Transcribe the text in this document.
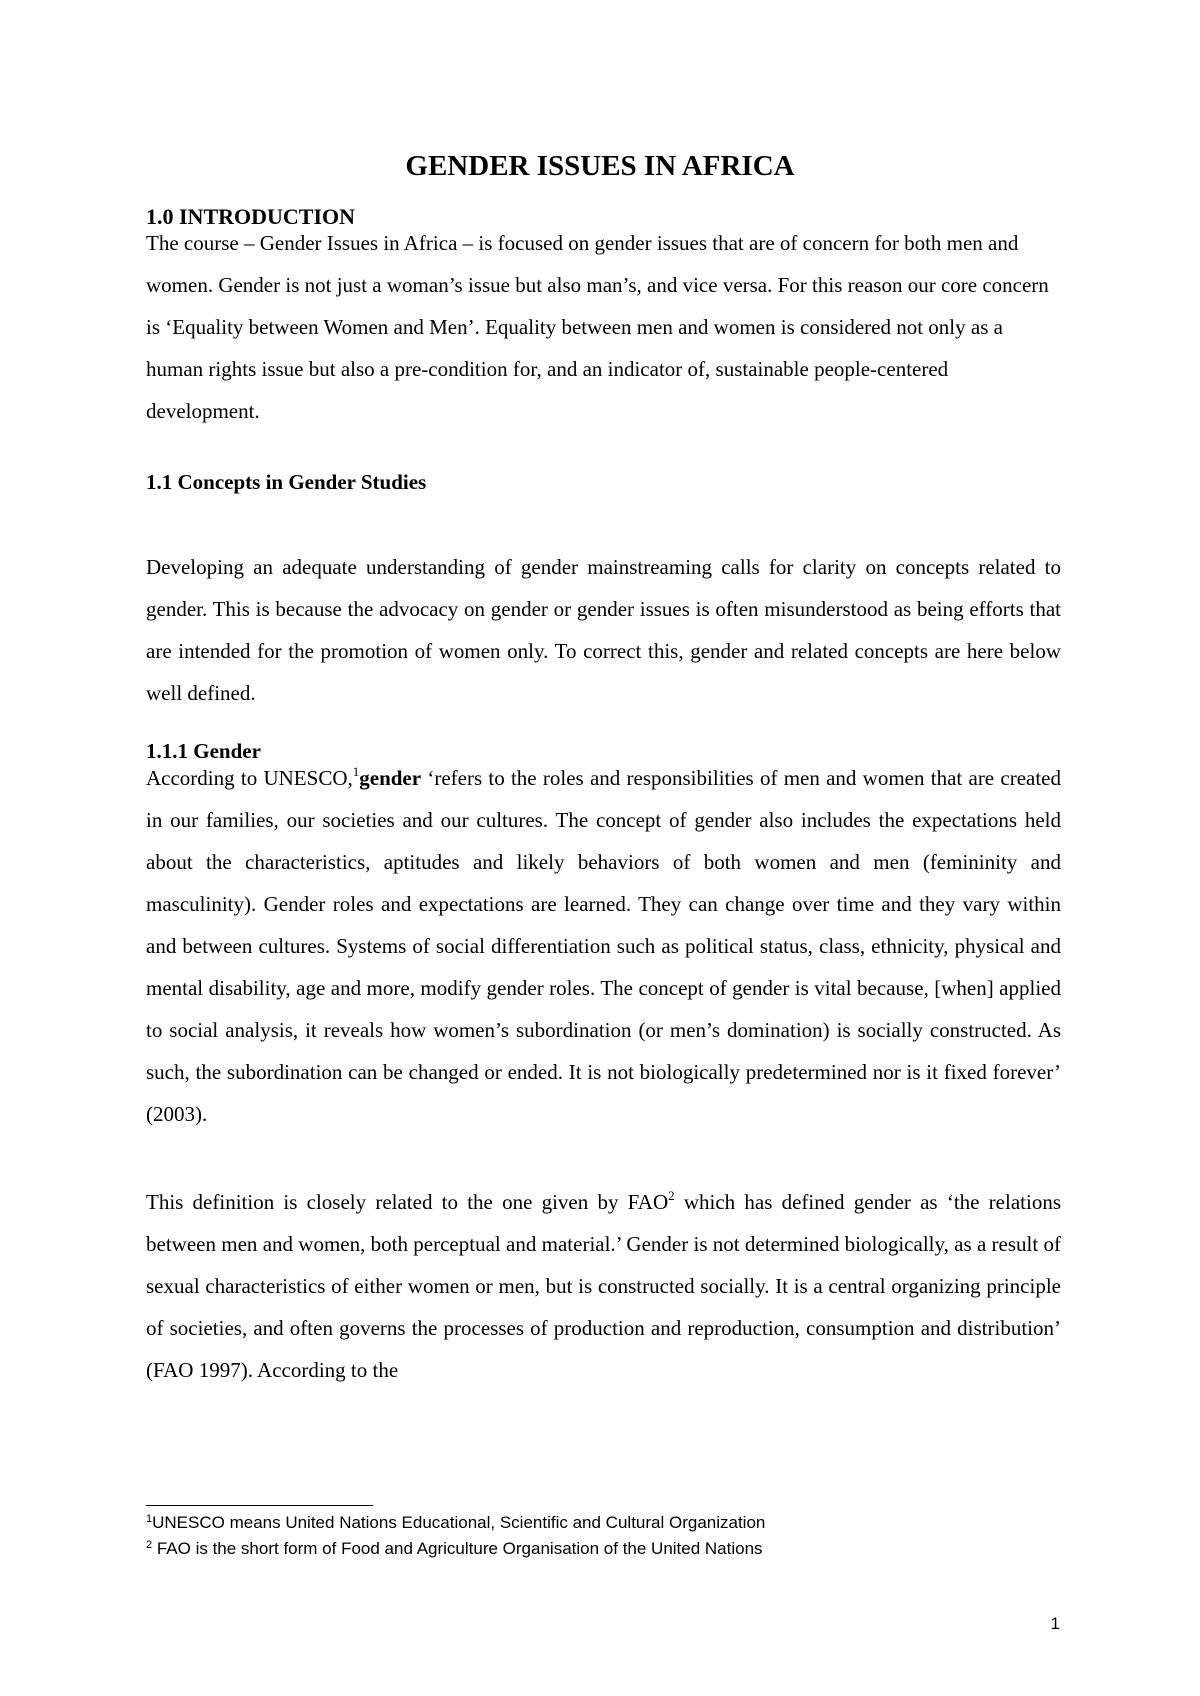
GENDER ISSUES IN AFRICA
1.0 INTRODUCTION

The course – Gender Issues in Africa – is focused on gender issues that are of concern for both men and women. Gender is not just a woman’s issue but also man’s, and vice versa. For this reason our core concern is ‘Equality between Women and Men’. Equality between men and women is considered not only as a human rights issue but also a pre-condition for, and an indicator of, sustainable people-centered development.

1.1 Concepts in Gender Studies

Developing an adequate understanding of gender mainstreaming calls for clarity on concepts related to gender. This is because the advocacy on gender or gender issues is often misunderstood as being efforts that are intended for the promotion of women only. To correct this, gender and related concepts are here below well defined.

1.1.1 Gender

According to UNESCO,$^1$gender ‘refers to the roles and responsibilities of men and women that are created in our families, our societies and our cultures. The concept of gender also includes the expectations held about the characteristics, aptitudes and likely behaviors of both women and men (femininity and masculinity). Gender roles and expectations are learned. They can change over time and they vary within and between cultures. Systems of social differentiation such as political status, class, ethnicity, physical and mental disability, age and more, modify gender roles. The concept of gender is vital because, [when] applied to social analysis, it reveals how women’s subordination (or men’s domination) is socially constructed. As such, the subordination can be changed or ended. It is not biologically predetermined nor is it fixed forever’ (2003).

This definition is closely related to the one given by FAO$^2$ which has defined gender as ‘the relations between men and women, both perceptual and material.’ Gender is not determined biologically, as a result of sexual characteristics of either women or men, but is constructed socially. It is a central organizing principle of societies, and often governs the processes of production and reproduction, consumption and distribution’ (FAO 1997). According to the

$^1$UNESCO means United Nations Educational, Scientific and Cultural Organization
$^2$ FAO is the short form of Food and Agriculture Organisation of the United Nations
1
